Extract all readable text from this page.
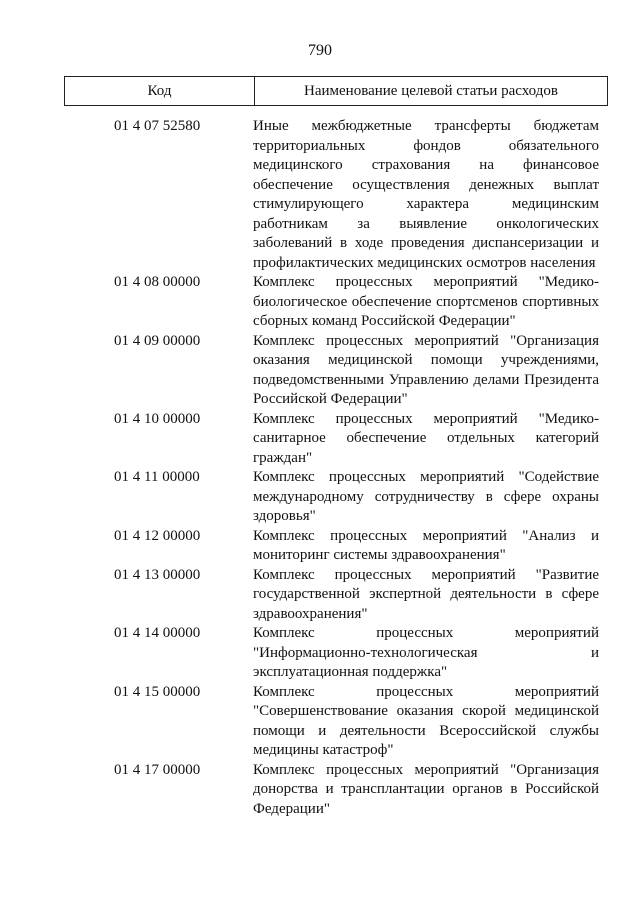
790
Код	Наименование целевой статьи расходов
01 4 07 52580	Иные межбюджетные трансферты бюджетам территориальных фондов обязательного медицинского страхования на финансовое обеспечение осуществления денежных выплат стимулирующего характера медицинским работникам за выявление онкологических заболеваний в ходе проведения диспансеризации и профилактических медицинских осмотров населения
01 4 08 00000	Комплекс процессных мероприятий "Медико-биологическое обеспечение спортсменов спортивных сборных команд Российской Федерации"
01 4 09 00000	Комплекс процессных мероприятий "Организация оказания медицинской помощи учреждениями, подведомственными Управлению делами Президента Российской Федерации"
01 4 10 00000	Комплекс процессных мероприятий "Медико-санитарное обеспечение отдельных категорий граждан"
01 4 11 00000	Комплекс процессных мероприятий "Содействие международному сотрудничеству в сфере охраны здоровья"
01 4 12 00000	Комплекс процессных мероприятий "Анализ и мониторинг системы здравоохранения"
01 4 13 00000	Комплекс процессных мероприятий "Развитие государственной экспертной деятельности в сфере здравоохранения"
01 4 14 00000	Комплекс процессных мероприятий "Информационно-технологическая и эксплуатационная поддержка"
01 4 15 00000	Комплекс процессных мероприятий "Совершенствование оказания скорой медицинской помощи и деятельности Всероссийской службы медицины катастроф"
01 4 17 00000	Комплекс процессных мероприятий "Организация донорства и трансплантации органов в Российской Федерации"
